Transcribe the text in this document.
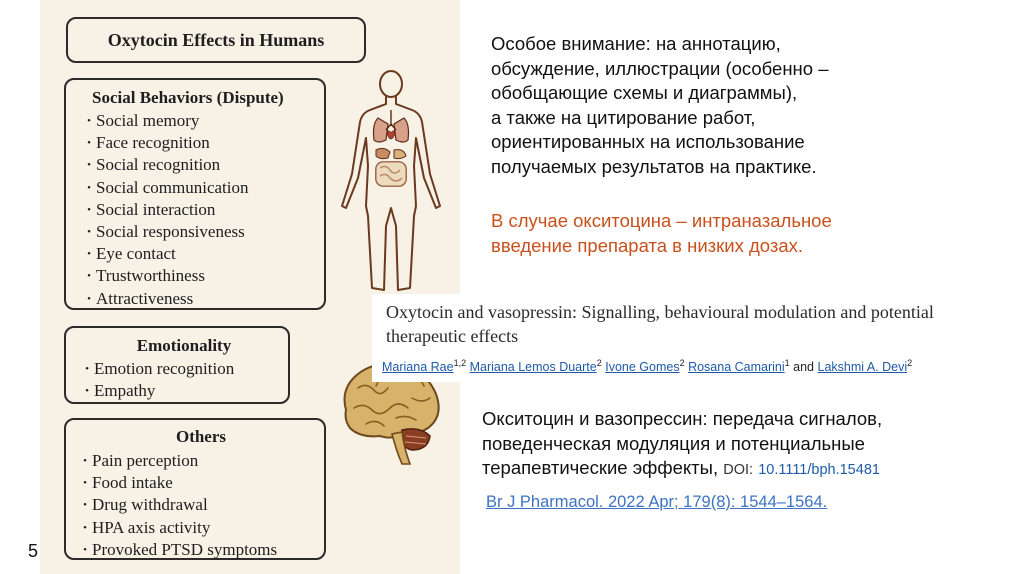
Oxytocin Effects in Humans
Social Behaviors (Dispute)
• Social memory
• Face recognition
• Social recognition
• Social communication
• Social interaction
• Social responsiveness
• Eye contact
• Trustworthiness
• Attractiveness
Emotionality
• Emotion recognition
• Empathy
Others
• Pain perception
• Food intake
• Drug withdrawal
• HPA axis activity
• Provoked PTSD symptoms
Особое внимание: на аннотацию,
обсуждение, иллюстрации (особенно –
обобщающие схемы и диаграммы),
а также на цитирование работ,
ориентированных на использование
получаемых результатов на практике.
В случае окситоцина – интраназальное
введение препарата в низких дозах.
Oxytocin and vasopressin: Signalling, behavioural modulation and potential therapeutic effects
Mariana Rae$^{1,2}$ Mariana Lemos Duarte$^2$ Ivone Gomes$^2$ Rosana Camarini$^1$ and Lakshmi A. Devi$^2$
Окситоцин и вазопрессин: передача сигналов,
поведенческая модуляция и потенциальные
терапевтические эффекты, DOI: 10.1111/bph.15481
Br J Pharmacol. 2022 Apr; 179(8): 1544–1564.
5
